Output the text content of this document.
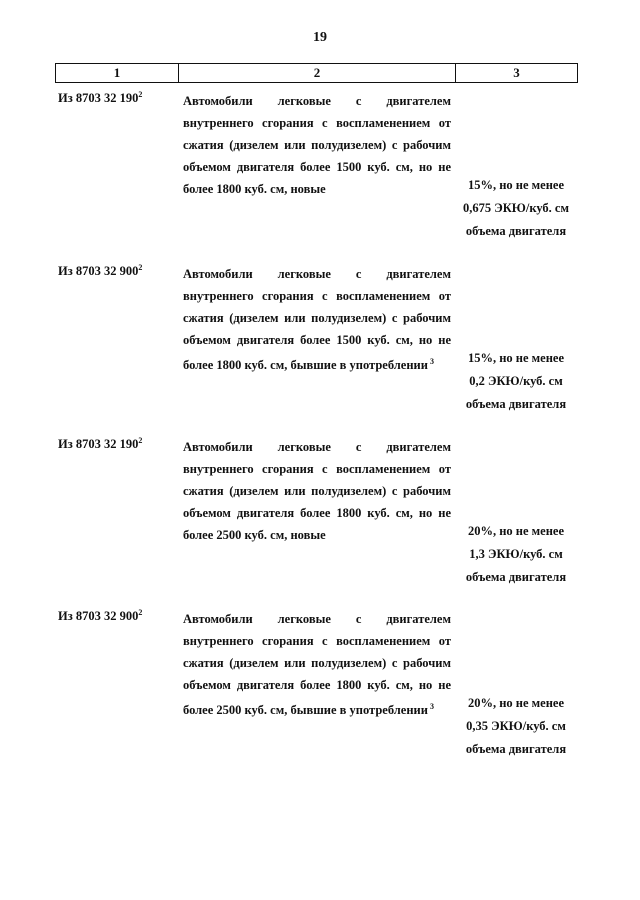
19
1	2	3
Из 8703 32 $190^2$	Автомобили легковые с двигателем
внутреннего сгорания с воспламенением от
сжатия (дизелем или полудизелем) с рабочим
объемом двигателя более 1500 куб. см, но не
более 1800 куб. см, новые	15%, но не менее
0,675 ЭКЮ/куб. см
объема двигателя
Из 8703 32 $900^2$	Автомобили легковые с двигателем
внутреннего сгорания с воспламенением от
сжатия (дизелем или полудизелем) с рабочим
объемом двигателя более 1500 куб. см, но не
более 1800 куб. см, бывшие в употреблении $^3$	15%, но не менее
0,2 ЭКЮ/куб. см
объема двигателя
Из 8703 32 $190^2$	Автомобили легковые с двигателем
внутреннего сгорания с воспламенением от
сжатия (дизелем или полудизелем) с рабочим
объемом двигателя более 1800 куб. см, но не
более 2500 куб. см, новые	20%, но не менее
1,3 ЭКЮ/куб. см
объема двигателя
Из 8703 32 $900^2$	Автомобили легковые с двигателем
внутреннего сгорания с воспламенением от
сжатия (дизелем или полудизелем) с рабочим
объемом двигателя более 1800 куб. см, но не
более 2500 куб. см, бывшие в употреблении $^3$	20%, но не менее
0,35 ЭКЮ/куб. см
объема двигателя
